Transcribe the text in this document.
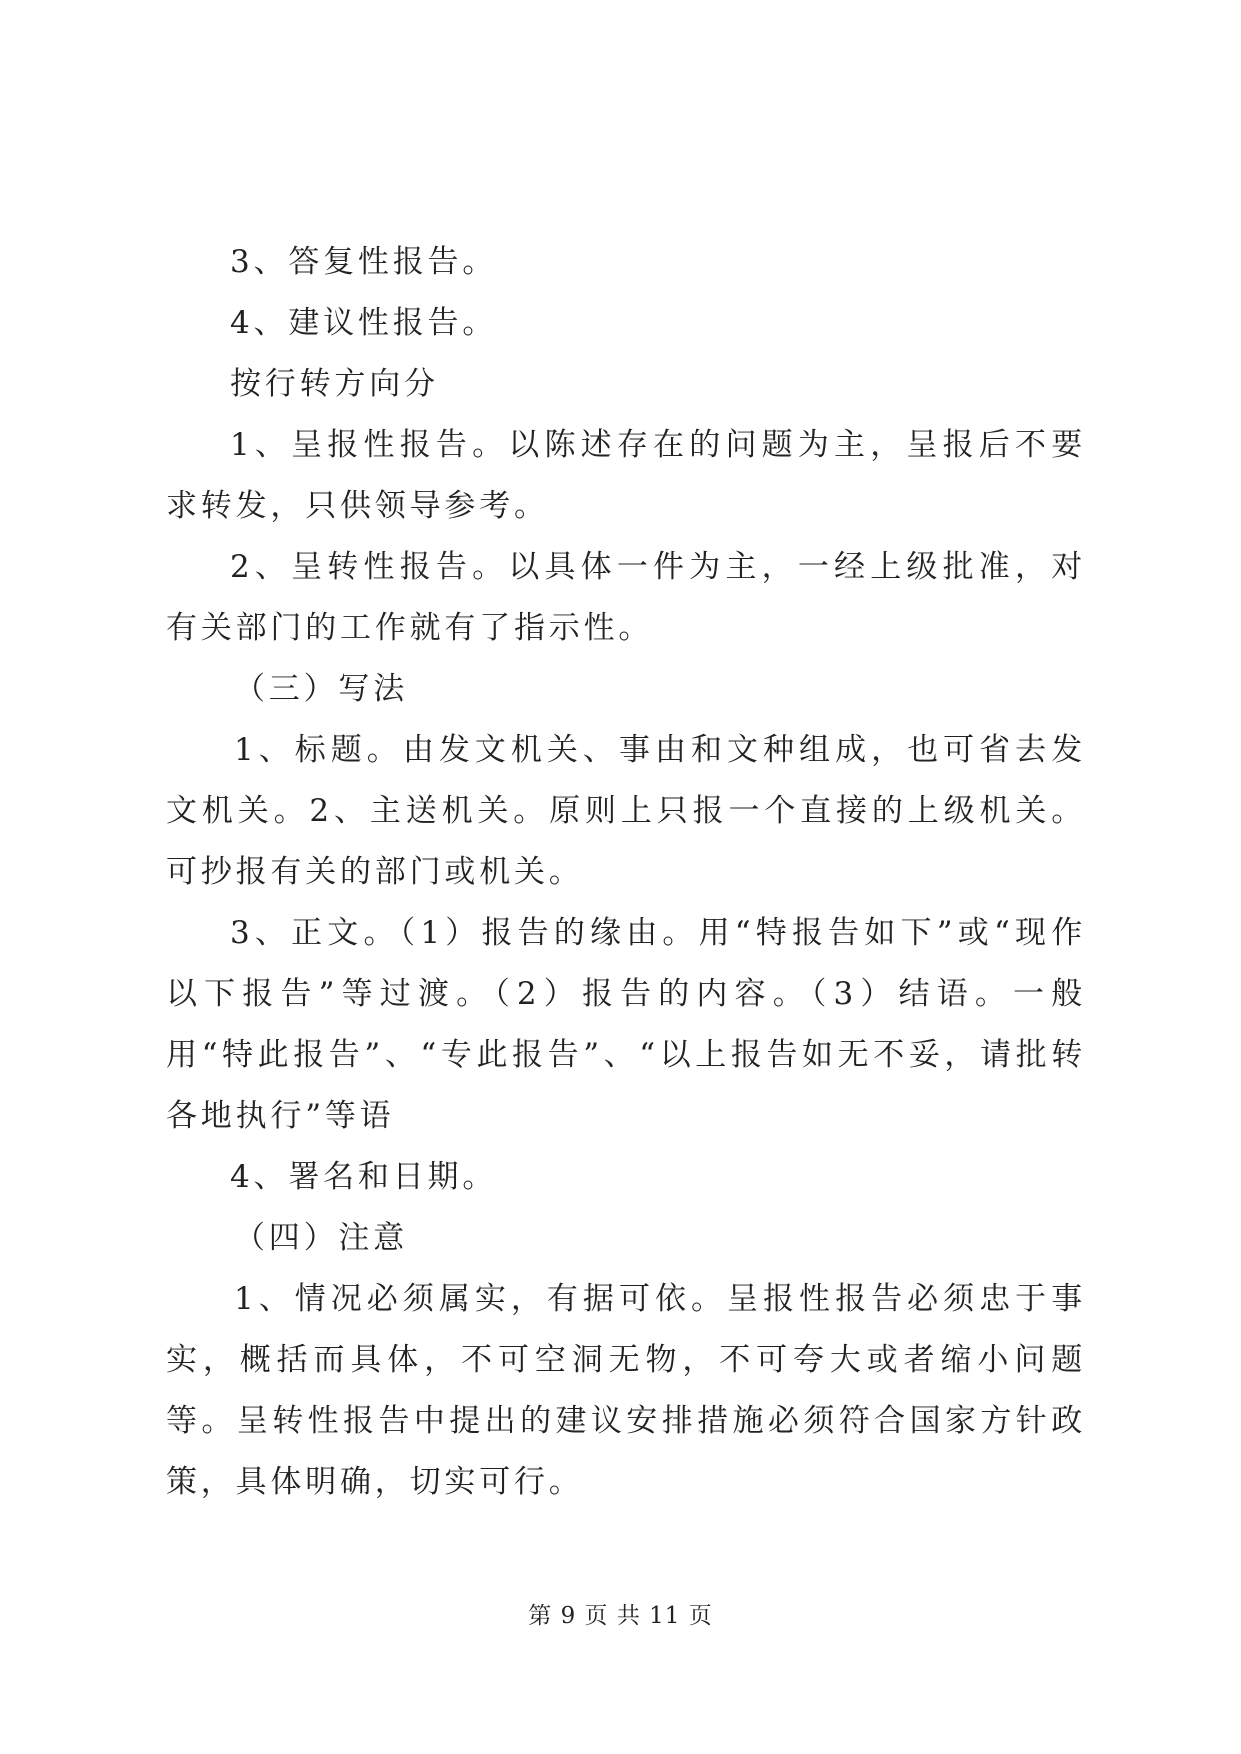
3、答复性报告。

4、建议性报告。

按行转方向分

1、呈报性报告。以陈述存在的问题为主，呈报后不要求转发，只供领导参考。

2、呈转性报告。以具体一件为主，一经上级批准，对有关部门的工作就有了指示性。

（三）写法

1、标题。由发文机关、事由和文种组成，也可省去发文机关。2、主送机关。原则上只报一个直接的上级机关。可抄报有关的部门或机关。

3、正文。（1）报告的缘由。用“特报告如下”或“现作以下报告”等过渡。（2）报告的内容。（3）结语。一般用“特此报告”、“专此报告”、“以上报告如无不妥，请批转各地执行”等语

4、署名和日期。

（四）注意

1、情况必须属实，有据可依。呈报性报告必须忠于事实，概括而具体，不可空洞无物，不可夸大或者缩小问题等。呈转性报告中提出的建议安排措施必须符合国家方针政策，具体明确，切实可行。

第 9 页 共 11 页
